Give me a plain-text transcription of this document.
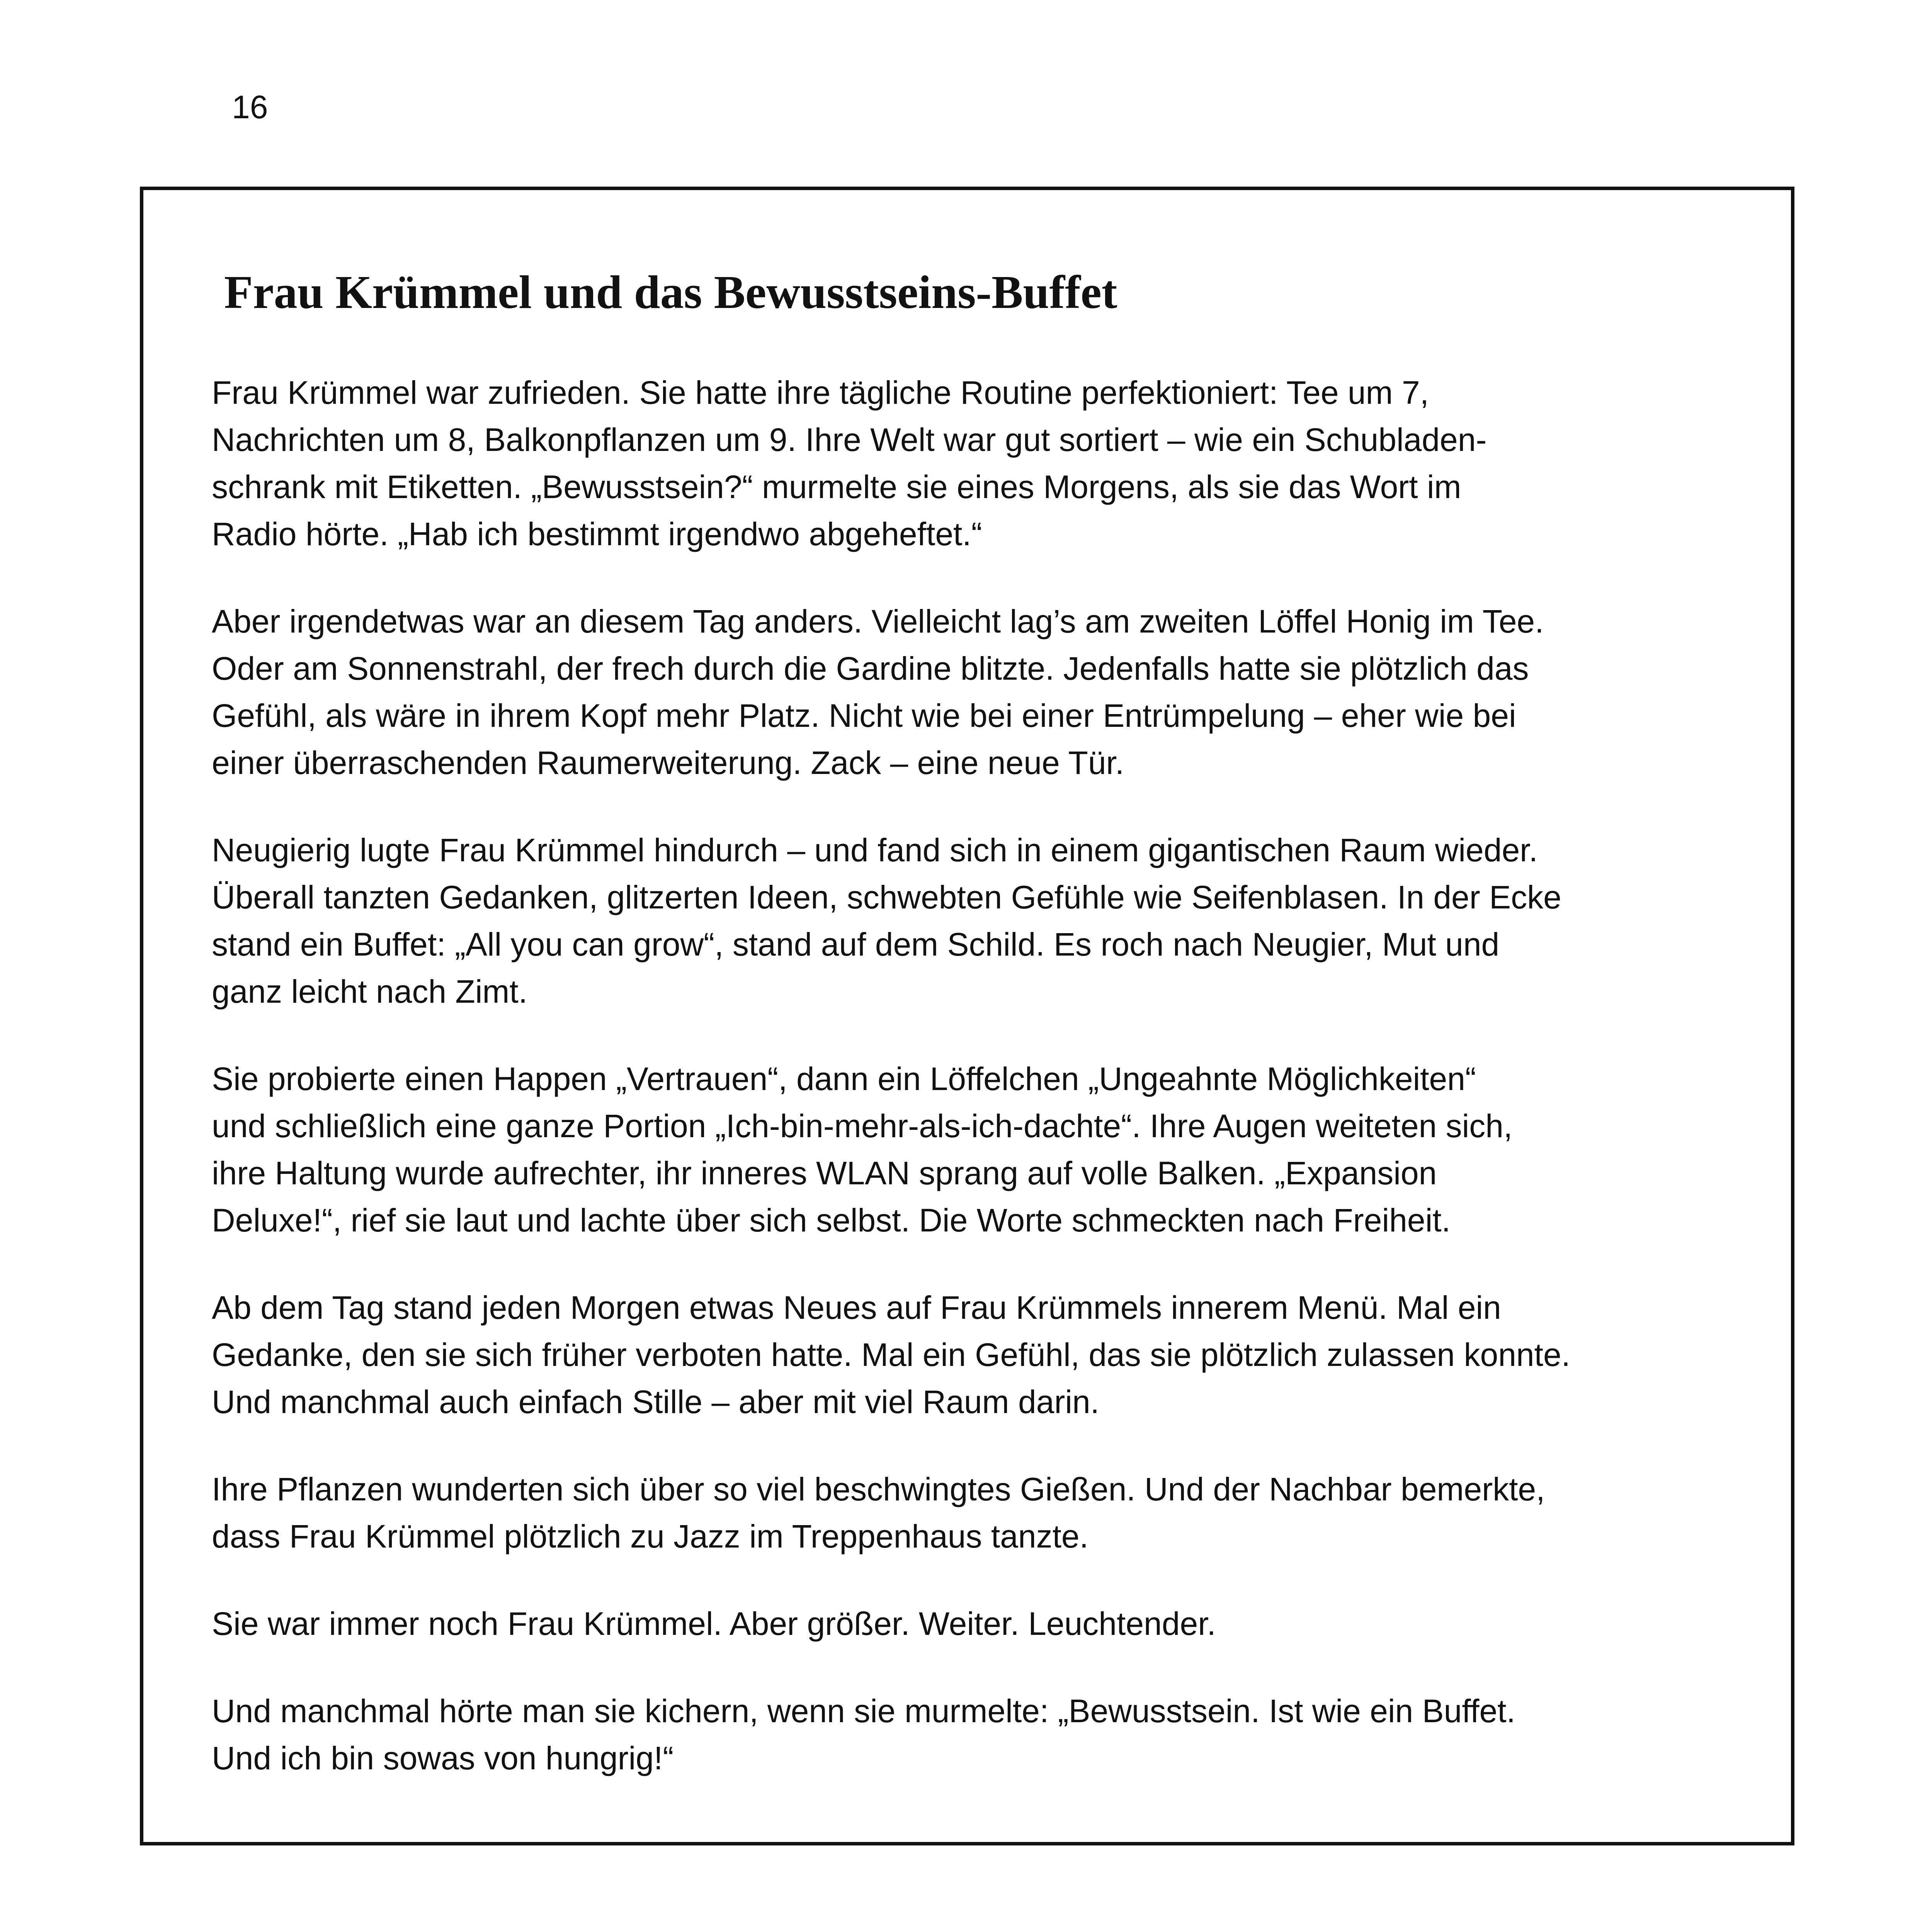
16
Frau Krümmel und das Bewusstseins-Buffet

Frau Krümmel war zufrieden. Sie hatte ihre tägliche Routine perfektioniert: Tee um 7,
Nachrichten um 8, Balkonpflanzen um 9. Ihre Welt war gut sortiert – wie ein Schubladen-
schrank mit Etiketten. „Bewusstsein?“ murmelte sie eines Morgens, als sie das Wort im
Radio hörte. „Hab ich bestimmt irgendwo abgeheftet.“

Aber irgendetwas war an diesem Tag anders. Vielleicht lag’s am zweiten Löffel Honig im Tee.
Oder am Sonnenstrahl, der frech durch die Gardine blitzte. Jedenfalls hatte sie plötzlich das
Gefühl, als wäre in ihrem Kopf mehr Platz. Nicht wie bei einer Entrümpelung – eher wie bei
einer überraschenden Raumerweiterung. Zack – eine neue Tür.

Neugierig lugte Frau Krümmel hindurch – und fand sich in einem gigantischen Raum wieder.
Überall tanzten Gedanken, glitzerten Ideen, schwebten Gefühle wie Seifenblasen. In der Ecke
stand ein Buffet: „All you can grow“, stand auf dem Schild. Es roch nach Neugier, Mut und
ganz leicht nach Zimt.

Sie probierte einen Happen „Vertrauen“, dann ein Löffelchen „Ungeahnte Möglichkeiten“
und schließlich eine ganze Portion „Ich-bin-mehr-als-ich-dachte“. Ihre Augen weiteten sich,
ihre Haltung wurde aufrechter, ihr inneres WLAN sprang auf volle Balken. „Expansion
Deluxe!“, rief sie laut und lachte über sich selbst. Die Worte schmeckten nach Freiheit.

Ab dem Tag stand jeden Morgen etwas Neues auf Frau Krümmels innerem Menü. Mal ein
Gedanke, den sie sich früher verboten hatte. Mal ein Gefühl, das sie plötzlich zulassen konnte.
Und manchmal auch einfach Stille – aber mit viel Raum darin.

Ihre Pflanzen wunderten sich über so viel beschwingtes Gießen. Und der Nachbar bemerkte,
dass Frau Krümmel plötzlich zu Jazz im Treppenhaus tanzte.

Sie war immer noch Frau Krümmel. Aber größer. Weiter. Leuchtender.

Und manchmal hörte man sie kichern, wenn sie murmelte: „Bewusstsein. Ist wie ein Buffet.
Und ich bin sowas von hungrig!“
